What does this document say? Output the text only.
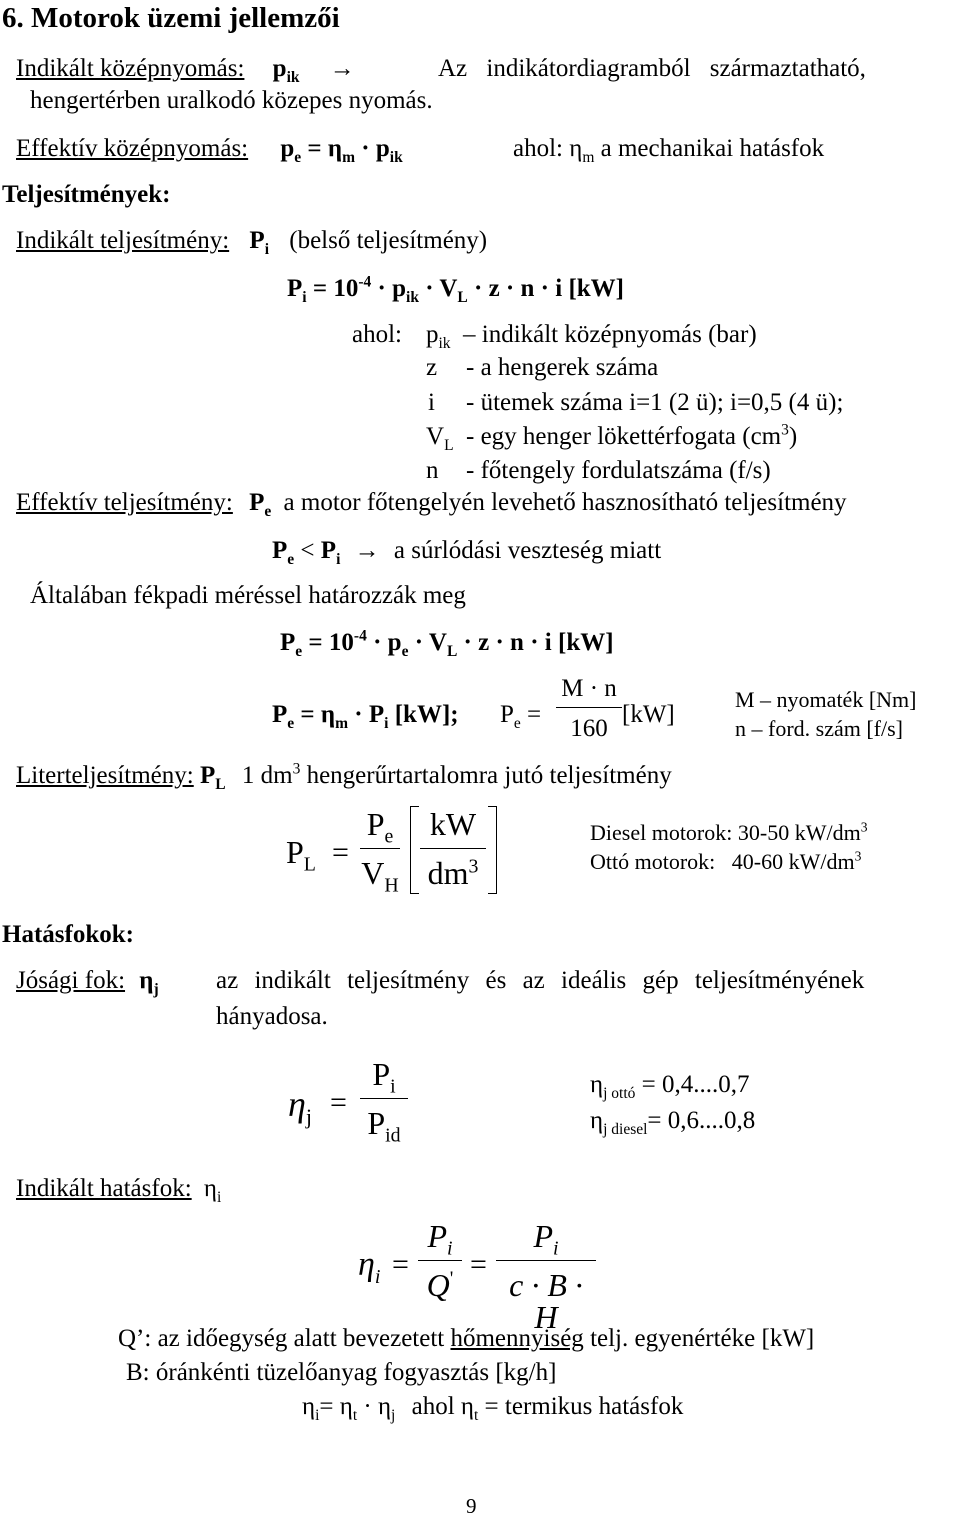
6. Motorok üzemi jellemzői
Indikált középnyomás: $p_{ik}$ →	Az indikátordiagramból származtatható,
hengertérben uralkodó közepes nyomás.
Effektív középnyomás: $p_e = \eta_m \cdot p_{ik}$	ahol: $\eta_m$ a mechanikai hatásfok
Teljesítmények:
Indikált teljesítmény: $P_i$ (belső teljesítmény)
$P_i = 10^{-4} \cdot p_{ik} \cdot V_L \cdot z \cdot n \cdot i$ [kW]
ahol: $p_{ik}$ – indikált középnyomás (bar)
z - a hengerek száma
i - ütemek száma i=1 (2 ü); i=0,5 (4 ü);
$V_L$ - egy henger lökettérfogata $(cm^3)$
n - főtengely fordulatszáma (f/s)
Effektív teljesítmény: $P_e$ a motor főtengelyén levehető hasznosítható teljesítmény
$P_e < P_i \to a$ súrlódási veszteség miatt
Általában fékpadi méréssel határozzák meg
$P_e = 10^{-4} \cdot p_e \cdot V_L \cdot z \cdot n \cdot i$ [kW]
$P_e = \eta_m \cdot P_i$ [kW]; $P_e$ =
M · n
160
[kW]
M – nyomaték [Nm]
n – ford. szám [f/s]
Literteljesítmény: $P_L$ 1 $dm^3$ hengerűrtartalomra jutó teljesítmény
$P_L$ =
$P_e$
$V_H$
kW
$dm^3$
Diesel motorok: 30-50 $kW/dm^3$
Ottó motorok:   40-60 $kW/dm^3$
Hatásfokok:
Jósági fok: $\eta_j$ az indikált teljesítmény és az ideális gép teljesítményének
hányadosa.
$\eta_j$ =
$P_i$
$P_{id}$
$\eta_{j ottó} = 0,4....0,7$
$\eta_{j diesel}= 0,6....0,8$
Indikált hatásfok: $\eta_i$
$\eta_i$ =
$P_i$
Q' =
$P_i$
c · B · H
Q’: az időegység alatt bevezetett hőmennyiség telj. egyenértéke [kW]
B: óránkénti tüzelőanyag fogyasztás [kg/h]
$\eta_i= \eta_t \cdot \eta_j$ ahol $\eta_t$ = termikus hatásfok
9
